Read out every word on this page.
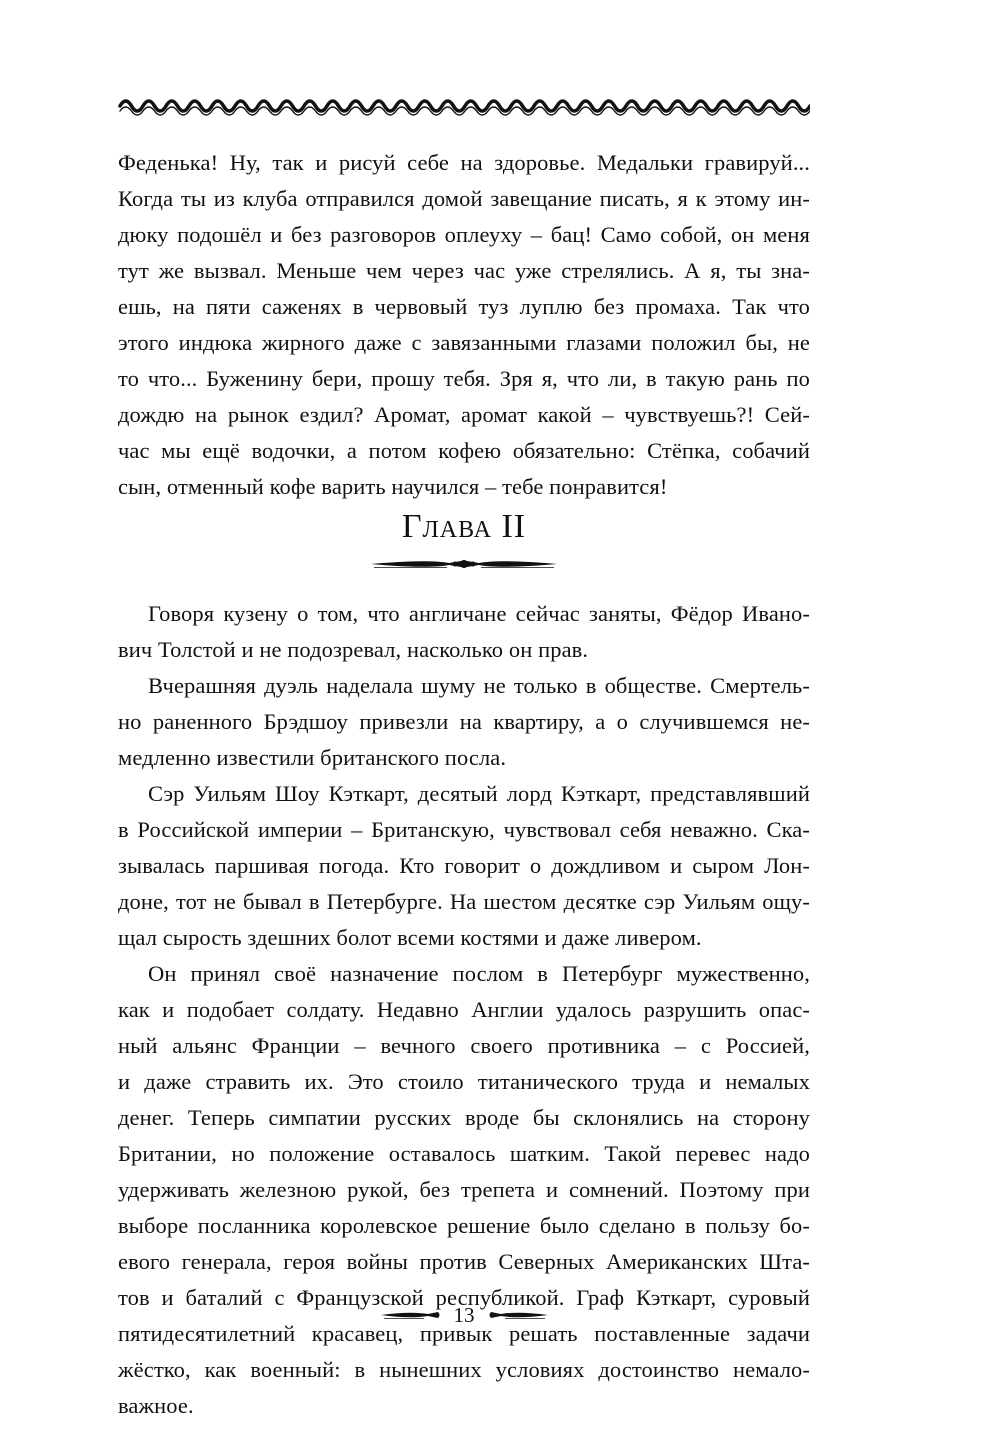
Феденька! Ну, так и рисуй себе на здоровье. Медальки гравируй...
Когда ты из клуба отправился домой завещание писать, я к этому ин-
дюку подошёл и без разговоров оплеуху – бац! Само собой, он меня
тут же вызвал. Меньше чем через час уже стрелялись. А я, ты зна-
ешь, на пяти саженях в червовый туз луплю без промаха. Так что
этого индюка жирного даже с завязанными глазами положил бы, не
то что... Буженину бери, прошу тебя. Зря я, что ли, в такую рань по
дождю на рынок ездил? Аромат, аромат какой – чувствуешь?! Сей-
час мы ещё водочки, а потом кофею обязательно: Стёпка, собачий
сын, отменный кофе варить научился – тебе понравится!

Глава II

Говоря кузену о том, что англичане сейчас заняты, Фёдор Ивано-
вич Толстой и не подозревал, насколько он прав.

Вчерашняя дуэль наделала шуму не только в обществе. Смертель-
но раненного Брэдшоу привезли на квартиру, а о случившемся не-
медленно известили британского посла.

Сэр Уильям Шоу Кэткарт, десятый лорд Кэткарт, представлявший
в Российской империи – Британскую, чувствовал себя неважно. Ска-
зывалась паршивая погода. Кто говорит о дождливом и сыром Лон-
доне, тот не бывал в Петербурге. На шестом десятке сэр Уильям ощу-
щал сырость здешних болот всеми костями и даже ливером.

Он принял своё назначение послом в Петербург мужественно,
как и подобает солдату. Недавно Англии удалось разрушить опас-
ный альянс Франции – вечного своего противника – с Россией,
и даже стравить их. Это стоило титанического труда и немалых
денег. Теперь симпатии русских вроде бы склонялись на сторону
Британии, но положение оставалось шатким. Такой перевес надо
удерживать железною рукой, без трепета и сомнений. Поэтому при
выборе посланника королевское решение было сделано в пользу бо-
евого генерала, героя войны против Северных Американских Шта-
тов и баталий с Французской республикой. Граф Кэткарт, суровый
пятидесятилетний красавец, привык решать поставленные задачи
жёстко, как военный: в нынешних условиях достоинство немало-
важное.

13
